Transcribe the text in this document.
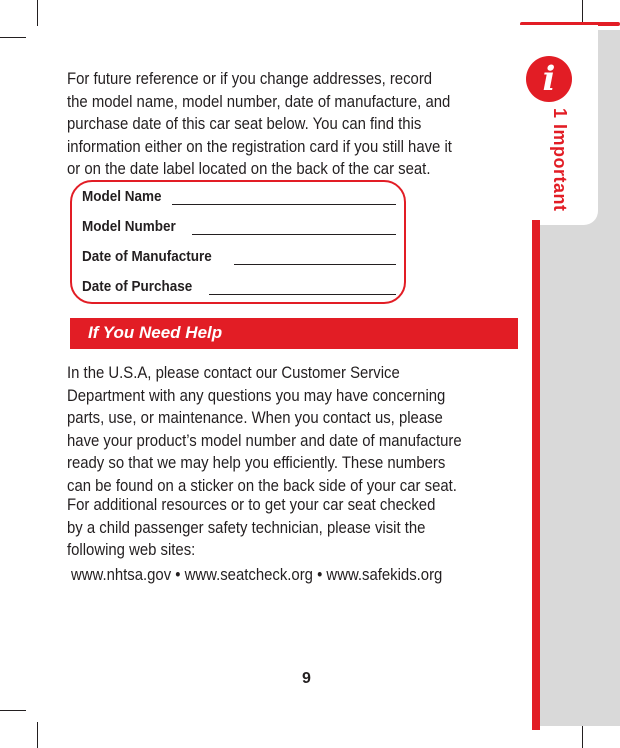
i
1 Important
For future reference or if you change addresses, record
the model name, model number, date of manufacture, and
purchase date of this car seat below. You can find this
information either on the registration card if you still have it
or on the date label located on the back of the car seat.
Model Name
Model Number
Date of Manufacture
Date of Purchase
If You Need Help
In the U.S.A, please contact our Customer Service
Department with any questions you may have concerning
parts, use, or maintenance. When you contact us, please
have your product’s model number and date of manufacture
ready so that we may help you efficiently. These numbers
can be found on a sticker on the back side of your car seat.
For additional resources or to get your car seat checked
by a child passenger safety technician, please visit the
following web sites:
www.nhtsa.gov • www.seatcheck.org • www.safekids.org
9
